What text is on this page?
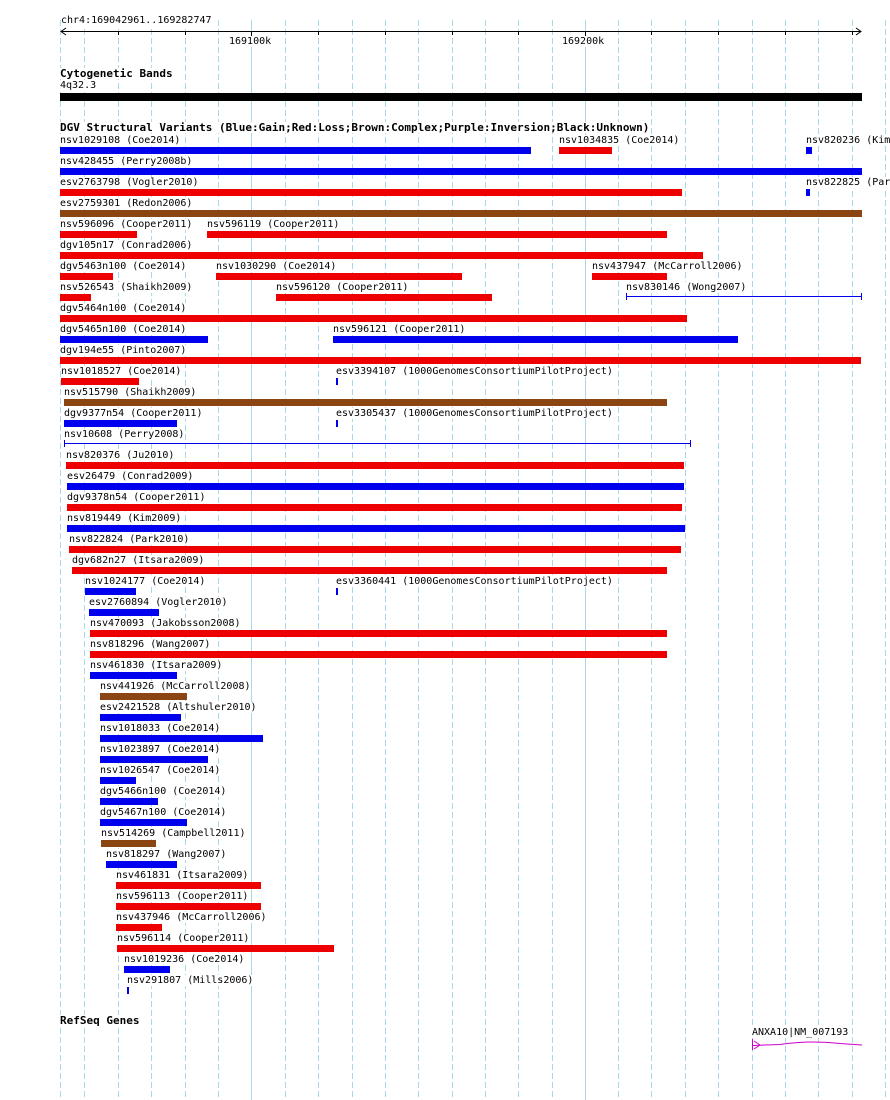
nsv1029108 (Coe2014)	nsv1034835 (Coe2014)	nsv820236 (Kim
nsv428455 (Perry2008b)
esv2763798 (Vogler2010)	nsv822825 (Par
esv2759301 (Redon2006)
nsv596096 (Cooper2011) nsv596119 (Cooper2011)
dgv105n17 (Conrad2006)
dgv5463n100 (Coe2014)	nsv1030290 (Coe2014)	nsv437947 (McCarroll2006)
nsv526543 (Shaikh2009)	nsv596120 (Cooper2011)	nsv830146 (Wong2007)
dgv5464n100 (Coe2014)
dgv5465n100 (Coe2014)	nsv596121 (Cooper2011)
dgv194e55 (Pinto2007)
nsv1018527 (Coe2014)	esv3394107 (1000GenomesConsortiumPilotProject)
nsv515790 (Shaikh2009)
dgv9377n54 (Cooper2011)	esv3305437 (1000GenomesConsortiumPilotProject)
nsv10608 (Perry2008)
nsv820376 (Ju2010)
esv26479 (Conrad2009)
dgv9378n54 (Cooper2011)
nsv819449 (Kim2009)
nsv822824 (Park2010)
dgv682n27 (Itsara2009)
nsv1024177 (Coe2014)	esv3360441 (1000GenomesConsortiumPilotProject)
esv2760894 (Vogler2010)
nsv470093 (Jakobsson2008)
nsv818296 (Wang2007)
nsv461830 (Itsara2009)
nsv441926 (McCarroll2008)
esv2421528 (Altshuler2010)
nsv1018033 (Coe2014)
nsv1023897 (Coe2014)
nsv1026547 (Coe2014)
dgv5466n100 (Coe2014)
dgv5467n100 (Coe2014)
nsv514269 (Campbell2011)
nsv818297 (Wang2007)
nsv461831 (Itsara2009)
nsv596113 (Cooper2011)
nsv437946 (McCarroll2006)
nsv596114 (Cooper2011)
nsv1019236 (Coe2014)
nsv291807 (Mills2006)
chr4:169042961..169282747
169100k	169200k
Cytogenetic Bands
4q32.3
DGV Structural Variants (Blue:Gain;Red:Loss;Brown:Complex;Purple:Inversion;Black:Unknown)
RefSeq Genes
ANXA10|NM_007193
